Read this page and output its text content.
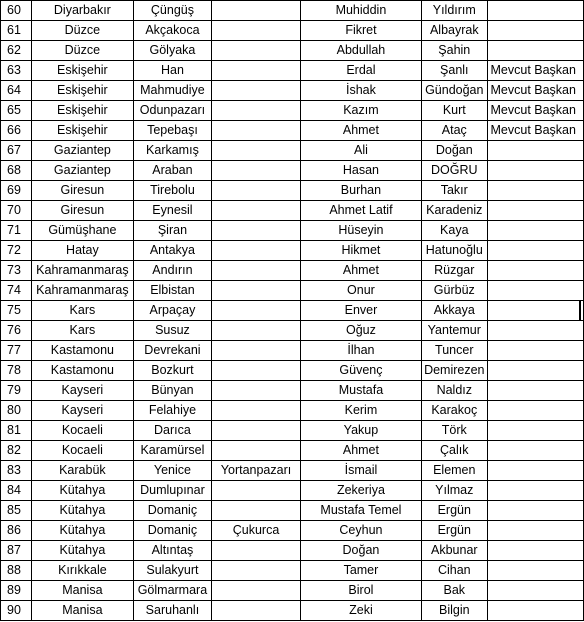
60	Diyarbakır	Çüngüş		Muhiddin	Yıldırım	
61	Düzce	Akçakoca		Fikret	Albayrak	
62	Düzce	Gölyaka		Abdullah	Şahin	
63	Eskişehir	Han		Erdal	Şanlı	Mevcut Başkan
64	Eskişehir	Mahmudiye		İshak	Gündoğan	Mevcut Başkan
65	Eskişehir	Odunpazarı		Kazım	Kurt	Mevcut Başkan
66	Eskişehir	Tepebaşı		Ahmet	Ataç	Mevcut Başkan
67	Gaziantep	Karkamış		Ali	Doğan	
68	Gaziantep	Araban		Hasan	DOĞRU	
69	Giresun	Tirebolu		Burhan	Takır	
70	Giresun	Eynesil		Ahmet Latif	Karadeniz	
71	Gümüşhane	Şiran		Hüseyin	Kaya	
72	Hatay	Antakya		Hikmet	Hatunoğlu	
73	Kahramanmaraş	Andırın		Ahmet	Rüzgar	
74	Kahramanmaraş	Elbistan		Onur	Gürbüz	
75	Kars	Arpaçay		Enver	Akkaya	
76	Kars	Susuz		Oğuz	Yantemur	
77	Kastamonu	Devrekani		İlhan	Tuncer	
78	Kastamonu	Bozkurt		Güvenç	Demirezen	
79	Kayseri	Bünyan		Mustafa	Naldız	
80	Kayseri	Felahiye		Kerim	Karakoç	
81	Kocaeli	Darıca		Yakup	Törk	
82	Kocaeli	Karamürsel		Ahmet	Çalık	
83	Karabük	Yenice	Yortanpazarı	İsmail	Elemen	
84	Kütahya	Dumlupınar		Zekeriya	Yılmaz	
85	Kütahya	Domaniç		Mustafa Temel	Ergün	
86	Kütahya	Domaniç	Çukurca	Ceyhun	Ergün	
87	Kütahya	Altıntaş		Doğan	Akbunar	
88	Kırıkkale	Sulakyurt		Tamer	Cihan	
89	Manisa	Gölmarmara		Birol	Bak	
90	Manisa	Saruhanlı		Zeki	Bilgin	
